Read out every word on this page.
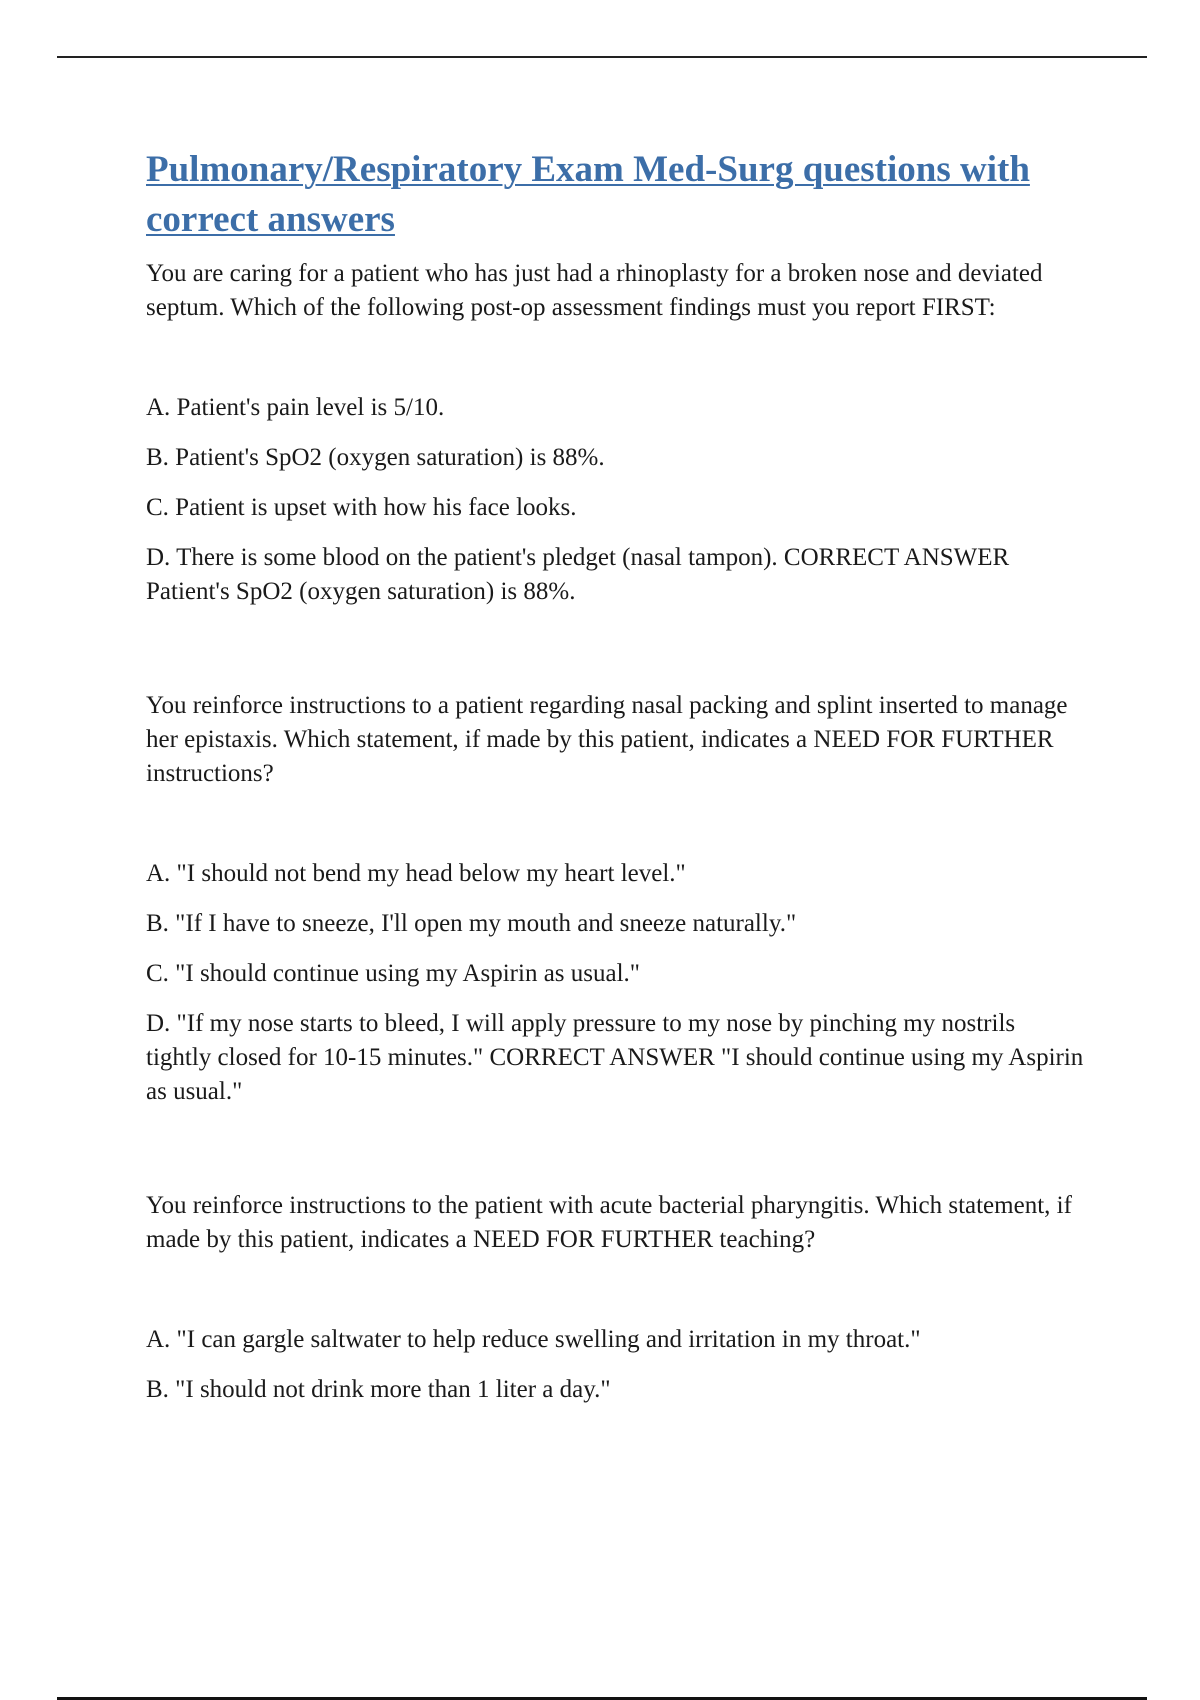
Pulmonary/Respiratory Exam Med-Surg questions with correct answers

You are caring for a patient who has just had a rhinoplasty for a broken nose and deviated septum. Which of the following post-op assessment findings must you report FIRST:

A. Patient's pain level is 5/10.

B. Patient's SpO2 (oxygen saturation) is 88%.

C. Patient is upset with how his face looks.

D. There is some blood on the patient's pledget (nasal tampon). CORRECT ANSWER Patient's SpO2 (oxygen saturation) is 88%.

You reinforce instructions to a patient regarding nasal packing and splint inserted to manage her epistaxis. Which statement, if made by this patient, indicates a NEED FOR FURTHER instructions?

A. "I should not bend my head below my heart level."

B. "If I have to sneeze, I'll open my mouth and sneeze naturally."

C. "I should continue using my Aspirin as usual."

D. "If my nose starts to bleed, I will apply pressure to my nose by pinching my nostrils tightly closed for 10-15 minutes." CORRECT ANSWER "I should continue using my Aspirin as usual."

You reinforce instructions to the patient with acute bacterial pharyngitis. Which statement, if made by this patient, indicates a NEED FOR FURTHER teaching?

A. "I can gargle saltwater to help reduce swelling and irritation in my throat."

B. "I should not drink more than 1 liter a day."
